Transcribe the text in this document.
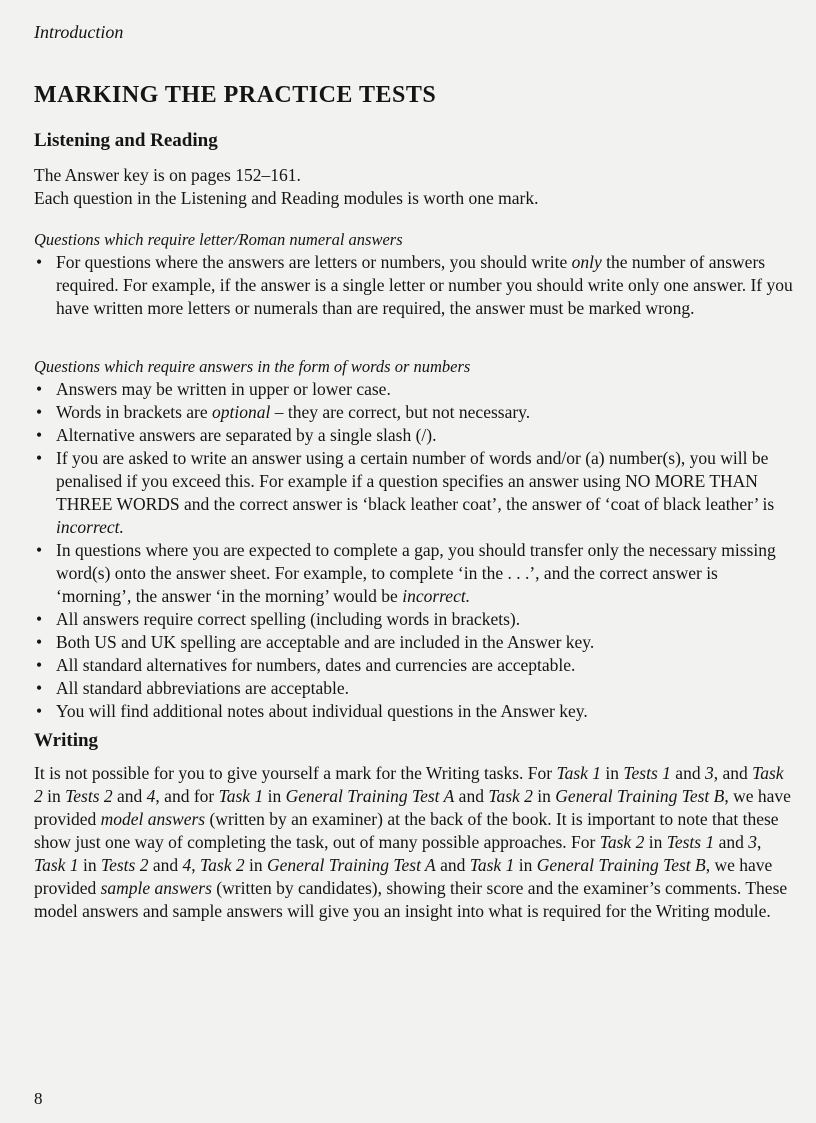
Introduction
MARKING THE PRACTICE TESTS
Listening and Reading

The Answer key is on pages 152–161.

Each question in the Listening and Reading modules is worth one mark.

Questions which require letter/Roman numeral answers

• For questions where the answers are letters or numbers, you should write only the number of answers required. For example, if the answer is a single letter or number you should write only one answer. If you have written more letters or numerals than are required, the answer must be marked wrong.

Questions which require answers in the form of words or numbers

• Answers may be written in upper or lower case.
• Words in brackets are optional – they are correct, but not necessary.
• Alternative answers are separated by a single slash (/).
• If you are asked to write an answer using a certain number of words and/or (a) number(s), you will be penalised if you exceed this. For example if a question specifies an answer using NO MORE THAN THREE WORDS and the correct answer is ‘black leather coat’, the answer of ‘coat of black leather’ is incorrect.
• In questions where you are expected to complete a gap, you should transfer only the necessary missing word(s) onto the answer sheet. For example, to complete ‘in the . . .’, and the correct answer is ‘morning’, the answer ‘in the morning’ would be incorrect.
• All answers require correct spelling (including words in brackets).
• Both US and UK spelling are acceptable and are included in the Answer key.
• All standard alternatives for numbers, dates and currencies are acceptable.
• All standard abbreviations are acceptable.
• You will find additional notes about individual questions in the Answer key.
Writing

It is not possible for you to give yourself a mark for the Writing tasks. For Task 1 in Tests 1 and 3, and Task 2 in Tests 2 and 4, and for Task 1 in General Training Test A and Task 2 in General Training Test B, we have provided model answers (written by an examiner) at the back of the book. It is important to note that these show just one way of completing the task, out of many possible approaches. For Task 2 in Tests 1 and 3, Task 1 in Tests 2 and 4, Task 2 in General Training Test A and Task 1 in General Training Test B, we have provided sample answers (written by candidates), showing their score and the examiner’s comments. These model answers and sample answers will give you an insight into what is required for the Writing module.

8
